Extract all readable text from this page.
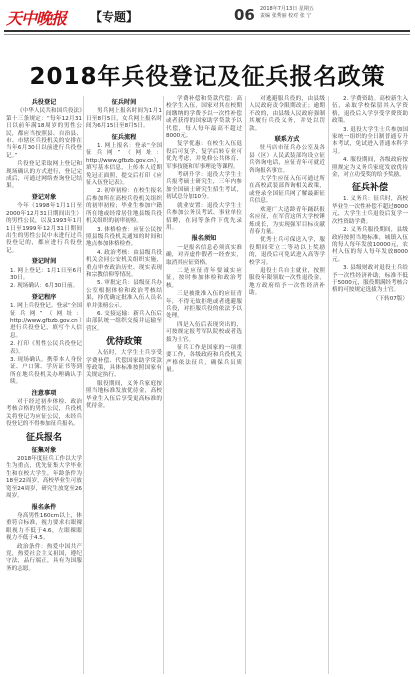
天中晚报 【专题】	06 2018年7月13日 星期五
责编 张秀丽 校对 张 宁
2018年兵役登记及征兵报名政策

兵役登记

《中华人民共和国兵役法》第十三条规定：“每年12月31日以前年满18周岁的男性公民，都应当按照县、自治县、市、市辖区兵役机关的安排在当年6月30日以前进行兵役登记。”

兵役登记采取网上登记和现场确认的方式进行，登记完成后，可通过网络查询登记结果。

登记对象

今年（1998年1月1日至2000年12月31日期间出生）的男性公民，以及1993年1月1日至1999年12月31日期间出生的男性公民中未进行过兵役登记的，都应进行兵役登记。

登记时间

1. 网上登记：1月1日至6月30日。

2. 现场确认：6月30日前。

登记程序

1. 网上兵役登记。登录“全国征兵网”（网址：http://www.gfbzb.gov.cn）进行兵役登记，填写个人信息。

2. 打印《男性公民兵役登记表》。

3. 现场确认。携带本人身份证、户口簿、学历证书等到所在地兵役机关办理确认手续。

注意事项

对于经过初步体检、政治考核合格的男性公民，兵役机关将登记为应征公民，未经兵役登记的不得参加征兵报名。

征兵报名

征集对象

2018年度征兵工作以大学生为重点，优先征集大学毕业生和在校大学生，年龄条件为18至22周岁，高校毕业生可放宽至24周岁，研究生放宽至26周岁。

报名条件

身高男性160cm以上，体重符合标准，视力要求右眼裸眼视力不低于4.6，左眼裸眼视力不低于4.5。

政治条件：热爱中国共产党，热爱社会主义祖国，遵纪守法，品行端正，具有为国服务的志愿。

征兵时间

男兵网上报名时间为1月1日至8月5日，女兵网上报名时间为6月15日至8月5日。

征兵流程

1. 网上报名：登录“全国征兵网”（网址：http://www.gfbzb.gov.cn），填写基本信息，上传本人近期免冠正面照，提交后打印《应征入伍登记表》。

2. 初审初检：在校生报名后参加所在高校兵役机关组织的初审初检；毕业生参加户籍所在地或经常居住地县级兵役机关组织的初审初检。

3. 体格检查：应征公民按照县级兵役机关通知的时间和地点参加体格检查。

4. 政治考核：由县级兵役机关会同公安机关组织实施，重点审查政治历史、现实表现和宗教信仰等情况。

5. 审批定兵：县级征兵办公室根据体检和政治考核结果，择优确定批准入伍人员名单并张榜公示。

6. 交接运输：新兵入伍后由部队统一组织交接并运输至营区。

优待政策

入伍时，大学生士兵享受学费补偿、代偿国家助学贷款等政策，具体标准按照国家有关规定执行。

服役期间，义务兵家庭按照当地标准发放优待金，高校毕业生入伍后享受更高标准的优待金。

学费补偿和贷款代偿：高校学生入伍，国家对其在校期间缴纳的学费予以一次性补偿或者获得的国家助学贷款予以代偿，每人每年最高不超过8000元。

复学优惠：在校生入伍退役后可复学，复学后转专业可优先考虑，并免修公共体育、军事技能和军事理论等课程。

考研升学：退役大学生士兵报考硕士研究生，三年内参加全国硕士研究生招生考试，初试总分加10分。

就业安置：退役大学生士兵参加公务员考试、事业单位招聘，在同等条件下优先录用。

报名须知

一是报名信息必须真实准确，对弄虚作假者一经查实，取消其应征资格。

二是应征青年要诚实应征，按时参加体检和政治考核。

三是被批准入伍的应征青年，不得无故拒绝或者逃避服兵役，对拒服兵役的依法予以处理。

四是入伍后表现突出的，可按规定报考军队院校或者选拔为士官。

征兵工作是国家的一项重要工作，各级政府和兵役机关严格依法征兵，确保兵员质量。

对逃避服兵役的，由县级人民政府责令限期改正；逾期不改的，由县级人民政府强制其履行兵役义务，并处以罚款。

联系方式

驻马店市征兵办公室及各县（区）人民武装部均设立征兵咨询电话，应征青年可就近咨询报名事宜。

大学生应征入伍可通过所在高校武装部咨询相关政策，或登录全国征兵网了解最新征兵信息。

欢迎广大适龄青年踊跃报名应征，在军营这所大学校锤炼成长，为实现强军目标贡献青春力量。

优秀士兵可保送入学，服役期间荣立二等功以上奖励的，退役后可免试进入高等学校学习。

退役士兵自主就业，按照服役年限领取一次性退役金，地方政府给予一次性经济补助。

2. 学费资助。高校新生入伍，录取学校保留其入学资格，退役后入学享受学费资助政策。

3. 退役大学生士兵参加国家统一组织的全日制普通专升本考试，免试进入普通本科学习。

4. 服役期间，各级政府按照规定为义务兵家庭发放优待金，对立功受奖的给予奖励。

征兵补偿

1. 义务兵：征兵时，高校毕业生一次性补偿不超过8000元，大学生士兵退役后复学一次性资助学费。

2. 义务兵服役期间，县级政府按照当地标准，城镇入伍的每人每年发放10000元，农村入伍的每人每年发放8000元。

3. 县级财政对退役士兵给予一次性经济补助，标准不低于5000元，服役期满经考核合格的可按规定选拔为士官。

（下转07版）
